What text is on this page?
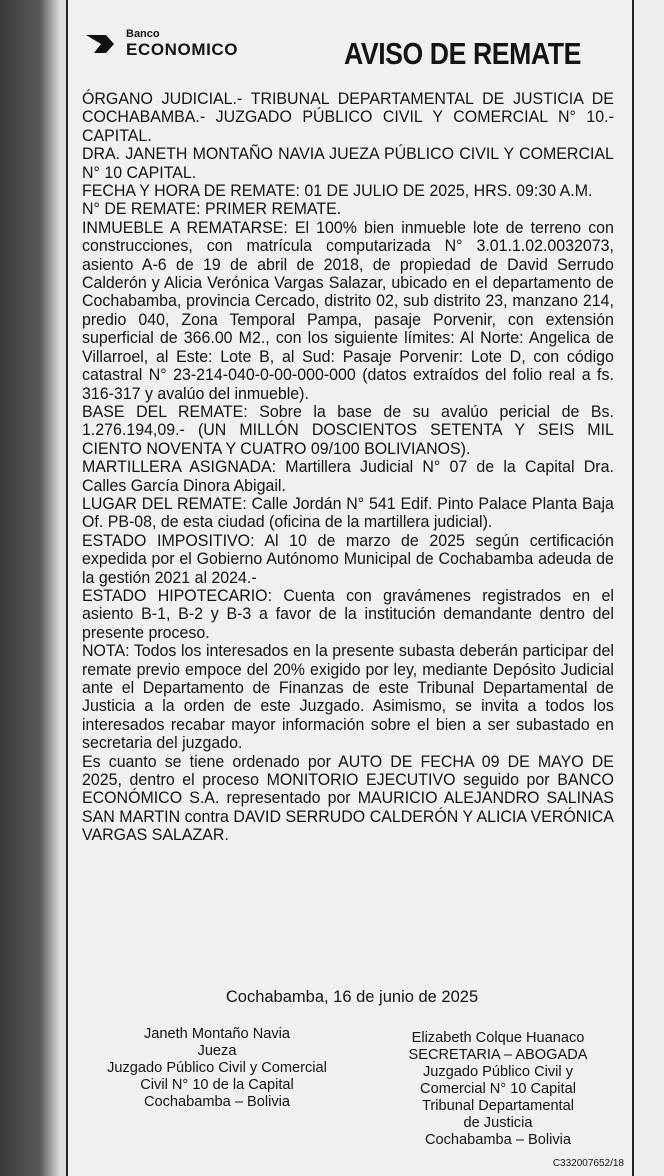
Banco
ECONOMICO	AVISO DE REMATE

ÓRGANO JUDICIAL.- TRIBUNAL DEPARTAMENTAL DE JUSTICIA DE COCHABAMBA.- JUZGADO PÚBLICO CIVIL Y COMERCIAL N° 10.- CAPITAL.

DRA. JANETH MONTAÑO NAVIA JUEZA PÚBLICO CIVIL Y COMERCIAL N° 10 CAPITAL.

FECHA Y HORA DE REMATE: 01 DE JULIO DE 2025, HRS. 09:30 A.M.

N° DE REMATE: PRIMER REMATE.

INMUEBLE A REMATARSE: El 100% bien inmueble lote de terreno con construcciones, con matrícula computarizada N° 3.01.1.02.0032073, asiento A-6 de 19 de abril de 2018, de propiedad de David Serrudo Calderón y Alicia Verónica Vargas Salazar, ubicado en el departamento de Cochabamba, provincia Cercado, distrito 02, sub distrito 23, manzano 214, predio 040, Zona Temporal Pampa, pasaje Porvenir, con extensión superficial de 366.00 M2., con los siguiente límites: Al Norte: Angelica de Villarroel, al Este: Lote B, al Sud: Pasaje Porvenir: Lote D, con código catastral N° 23-214-040-0-00-000-000 (datos extraídos del folio real a fs. 316-317 y avalúo del inmueble).

BASE DEL REMATE: Sobre la base de su avalúo pericial de Bs. 1.276.194,09.- (UN MILLÓN DOSCIENTOS SETENTA Y SEIS MIL CIENTO NOVENTA Y CUATRO 09/100 BOLIVIANOS).

MARTILLERA ASIGNADA: Martillera Judicial N° 07 de la Capital Dra. Calles García Dinora Abigail.

LUGAR DEL REMATE: Calle Jordán N° 541 Edif. Pinto Palace Planta Baja Of. PB-08, de esta ciudad (oficina de la martillera judicial).

ESTADO IMPOSITIVO: Al 10 de marzo de 2025 según certificación expedida por el Gobierno Autónomo Municipal de Cochabamba adeuda de la gestión 2021 al 2024.-

ESTADO HIPOTECARIO: Cuenta con gravámenes registrados en el asiento B-1, B-2 y B-3 a favor de la institución demandante dentro del presente proceso.

NOTA: Todos los interesados en la presente subasta deberán participar del remate previo empoce del 20% exigido por ley, mediante Depósito Judicial ante el Departamento de Finanzas de este Tribunal Departamental de Justicia a la orden de este Juzgado. Asimismo, se invita a todos los interesados recabar mayor información sobre el bien a ser subastado en secretaria del juzgado.

Es cuanto se tiene ordenado por AUTO DE FECHA 09 DE MAYO DE 2025, dentro el proceso MONITORIO EJECUTIVO seguido por BANCO ECONÓMICO S.A. representado por MAURICIO ALEJANDRO SALINAS SAN MARTIN contra DAVID SERRUDO CALDERÓN Y ALICIA VERÓNICA VARGAS SALAZAR.

Cochabamba, 16 de junio de 2025
Janeth Montaño Navia
Jueza
Juzgado Público Civil y Comercial
Civil N° 10 de la Capital
Cochabamba – Bolivia
Elizabeth Colque Huanaco
SECRETARIA – ABOGADA
Juzgado Público Civil y
Comercial N° 10 Capital
Tribunal Departamental
de Justicia
Cochabamba – Bolivia
C332007652/18
